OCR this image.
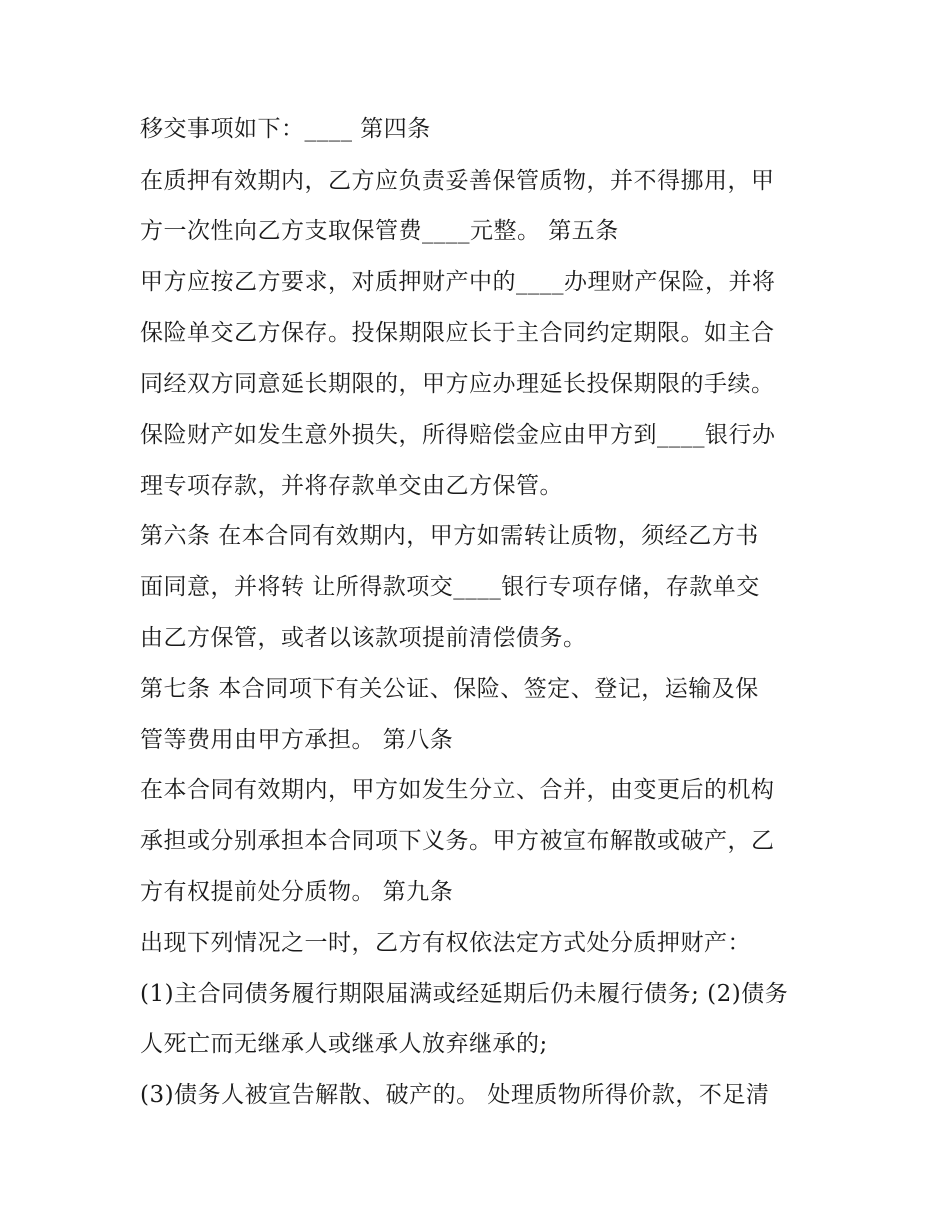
移交事项如下：____ 第四条
在质押有效期内，乙方应负责妥善保管质物，并不得挪用，甲
方一次性向乙方支取保管费____元整。 第五条
甲方应按乙方要求，对质押财产中的____办理财产保险，并将
保险单交乙方保存。投保期限应长于主合同约定期限。如主合
同经双方同意延长期限的，甲方应办理延长投保期限的手续。
保险财产如发生意外损失，所得赔偿金应由甲方到____银行办
理专项存款，并将存款单交由乙方保管。
第六条 在本合同有效期内，甲方如需转让质物，须经乙方书
面同意，并将转 让所得款项交____银行专项存储，存款单交
由乙方保管，或者以该款项提前清偿债务。
第七条 本合同项下有关公证、保险、签定、登记，运输及保
管等费用由甲方承担。 第八条
在本合同有效期内，甲方如发生分立、合并，由变更后的机构
承担或分别承担本合同项下义务。甲方被宣布解散或破产，乙
方有权提前处分质物。 第九条
出现下列情况之一时，乙方有权依法定方式处分质押财产：
(1)主合同债务履行期限届满或经延期后仍未履行债务; (2)债务
人死亡而无继承人或继承人放弃继承的;
(3)债务人被宣告解散、破产的。 处理质物所得价款，不足清
